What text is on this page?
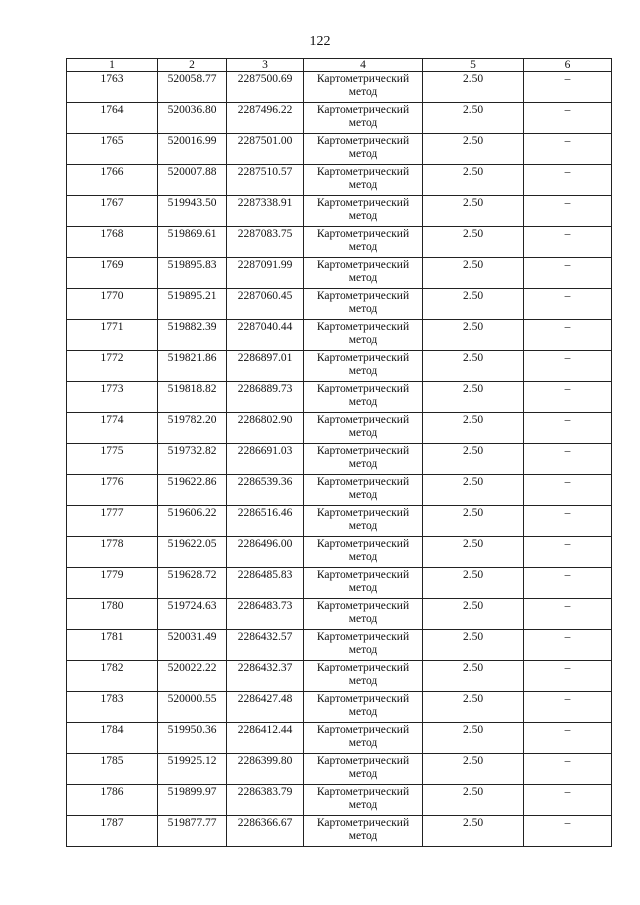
122
1	2	3	4	5	6
1763	520058.77	2287500.69	Картометрический метод	2.50	–
1764	520036.80	2287496.22	Картометрический метод	2.50	–
1765	520016.99	2287501.00	Картометрический метод	2.50	–
1766	520007.88	2287510.57	Картометрический метод	2.50	–
1767	519943.50	2287338.91	Картометрический метод	2.50	–
1768	519869.61	2287083.75	Картометрический метод	2.50	–
1769	519895.83	2287091.99	Картометрический метод	2.50	–
1770	519895.21	2287060.45	Картометрический метод	2.50	–
1771	519882.39	2287040.44	Картометрический метод	2.50	–
1772	519821.86	2286897.01	Картометрический метод	2.50	–
1773	519818.82	2286889.73	Картометрический метод	2.50	–
1774	519782.20	2286802.90	Картометрический метод	2.50	–
1775	519732.82	2286691.03	Картометрический метод	2.50	–
1776	519622.86	2286539.36	Картометрический метод	2.50	–
1777	519606.22	2286516.46	Картометрический метод	2.50	–
1778	519622.05	2286496.00	Картометрический метод	2.50	–
1779	519628.72	2286485.83	Картометрический метод	2.50	–
1780	519724.63	2286483.73	Картометрический метод	2.50	–
1781	520031.49	2286432.57	Картометрический метод	2.50	–
1782	520022.22	2286432.37	Картометрический метод	2.50	–
1783	520000.55	2286427.48	Картометрический метод	2.50	–
1784	519950.36	2286412.44	Картометрический метод	2.50	–
1785	519925.12	2286399.80	Картометрический метод	2.50	–
1786	519899.97	2286383.79	Картометрический метод	2.50	–
1787	519877.77	2286366.67	Картометрический метод	2.50	–
